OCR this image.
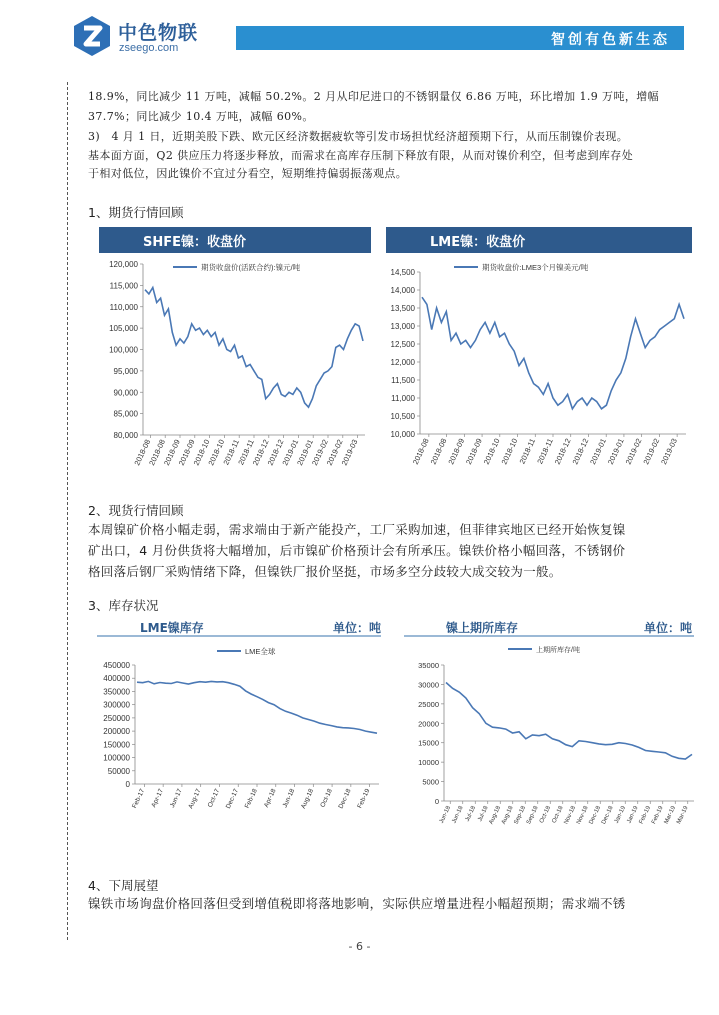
中色物联
zseego.com	智创有色新生态
18.9%，同比减少 11 万吨，减幅 50.2%。2 月从印尼进口的不锈钢量仅 6.86 万吨，环比增加 1.9 万吨，增幅
37.7%；同比减少 10.4 万吨，减幅 60%。
3)　4 月 1 日，近期美股下跌、欧元区经济数据疲软等引发市场担忧经济超预期下行，从而压制镍价表现。
基本面方面，Q2 供应压力将逐步释放，而需求在高库存压制下释放有限，从而对镍价利空，但考虑到库存处
于相对低位，因此镍价不宜过分看空，短期维持偏弱振荡观点。
1、期货行情回顾
SHFE镍：收盘价	LME镍：收盘价
80,000
85,000
90,000
95,000
100,000
105,000
110,000
115,000
120,000
2018-08
2018-08
2018-09
2018-09
2018-10
2018-10
2018-11
2018-11
2018-12
2018-12
2019-01
2019-01
2019-02
2019-02
2019-03
期货收盘价(活跃合约):镍元/吨
10,000
10,500
11,000
11,500
12,000
12,500
13,000
13,500
14,000
14,500
2018-08
2018-08
2018-09
2018-09
2018-10
2018-10
2018-11
2018-11
2018-12
2018-12
2019-01
2019-01
2019-02
2019-02
2019-03
期货收盘价:LME3个月镍美元/吨
2、现货行情回顾
本周镍矿价格小幅走弱，需求端由于新产能投产，工厂采购加速，但菲律宾地区已经开始恢复镍
矿出口，4 月份供货将大幅增加，后市镍矿价格预计会有所承压。镍铁价格小幅回落，不锈钢价
格回落后钢厂采购情绪下降，但镍铁厂报价坚挺，市场多空分歧较大成交较为一般。
3、库存状况
LME镍库存	单位：吨	镍上期所库存	单位：吨
0
50000
100000
150000
200000
250000
300000
350000
400000
450000
Feb-17 Apr-17 Jun-17 Aug-17 Oct-17 Dec-17 Feb-18 Apr-18 Jun-18 Aug-18 Oct-18 Dec-18 Feb-19
LME全球
0
5000
10000
15000
20000
25000
30000
35000
Jun-18 Jun-18 Jul-18 Jul-18
Aug-18
Aug-18
Sep-18
Sep-18 Oct-18 Oct-18
Nov-18
Nov-18
Dec-18
Dec-18 Jan-19 Jan-19 Feb-19 Feb-19 Mar-19 Mar-19
上期所库存/吨
4、下周展望
镍铁市场询盘价格回落但受到增值税即将落地影响，实际供应增量进程小幅超预期；需求端不锈
- 6 -
